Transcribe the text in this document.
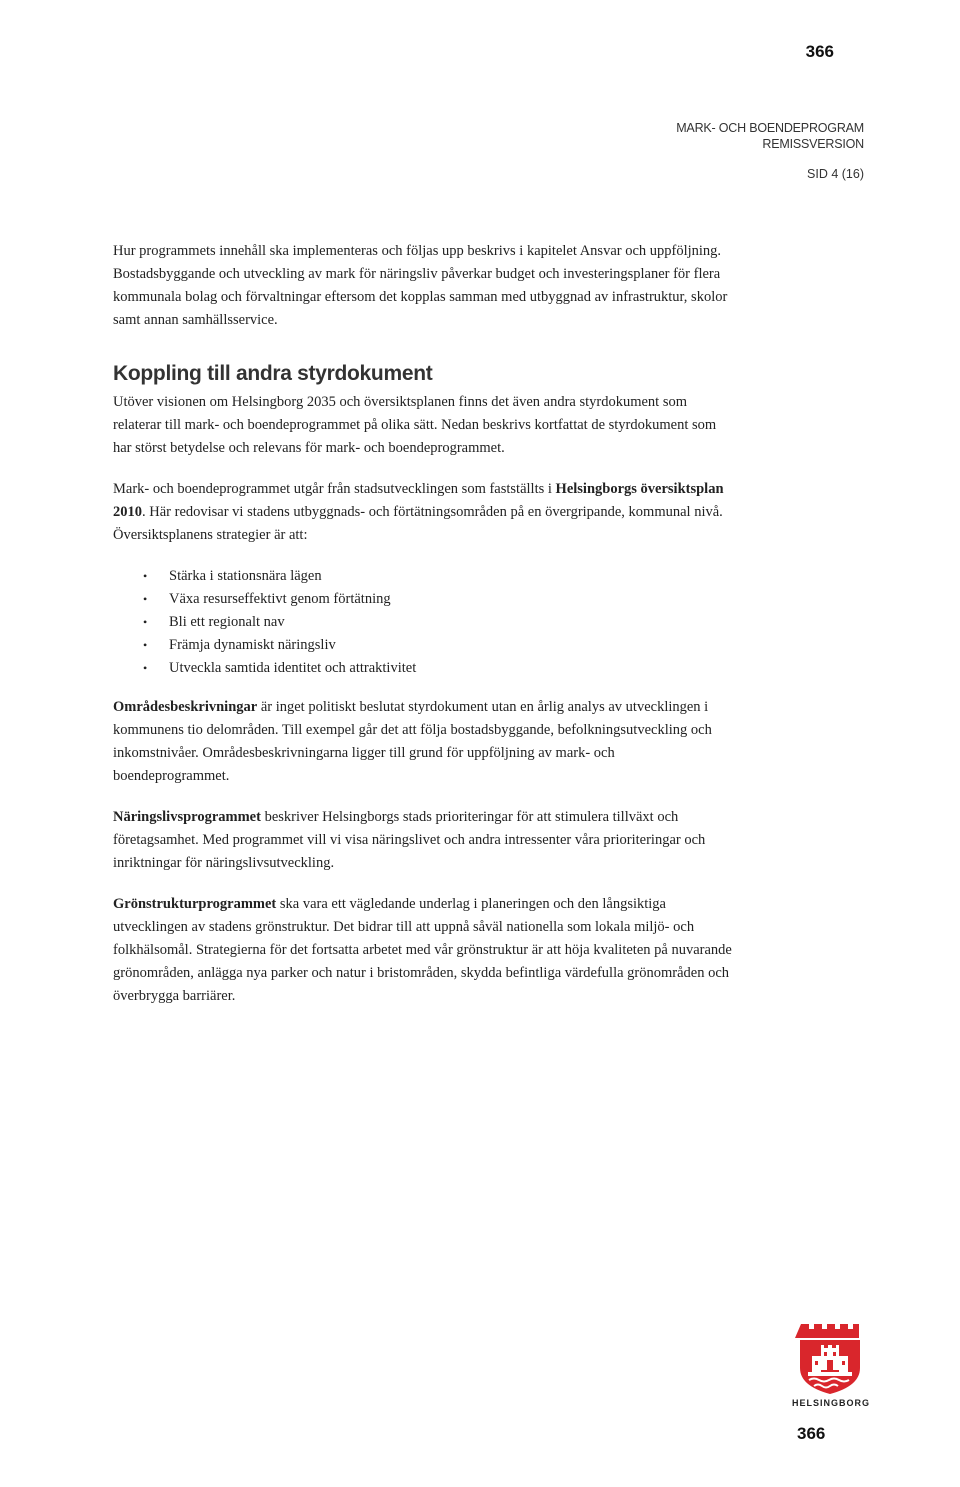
366
MARK- OCH BOENDEPROGRAM
REMISSVERSION
SID 4 (16)

Hur programmets innehåll ska implementeras och följas upp beskrivs i kapitelet Ansvar och uppföljning. Bostadsbyggande och utveckling av mark för näringsliv påverkar budget och investeringsplaner för flera kommunala bolag och förvaltningar eftersom det kopplas samman med utbyggnad av infrastruktur, skolor samt annan samhällsservice.

Koppling till andra styrdokument

Utöver visionen om Helsingborg 2035 och översiktsplanen finns det även andra styrdokument som relaterar till mark- och boendeprogrammet på olika sätt. Nedan beskrivs kortfattat de styrdokument som har störst betydelse och relevans för mark- och boendeprogrammet.

Mark- och boendeprogrammet utgår från stadsutvecklingen som fastställts i Helsingborgs översiktsplan 2010. Här redovisar vi stadens utbyggnads- och förtätningsområden på en övergripande, kommunal nivå. Översiktsplanens strategier är att:

• Stärka i stationsnära lägen
• Växa resurseffektivt genom förtätning
• Bli ett regionalt nav
• Främja dynamiskt näringsliv
• Utveckla samtida identitet och attraktivitet

Områdesbeskrivningar är inget politiskt beslutat styrdokument utan en årlig analys av utvecklingen i kommunens tio delområden. Till exempel går det att följa bostadsbyggande, befolkningsutveckling och inkomstnivåer. Områdesbeskrivningarna ligger till grund för uppföljning av mark- och boendeprogrammet.

Näringslivsprogrammet beskriver Helsingborgs stads prioriteringar för att stimulera tillväxt och företagsamhet. Med programmet vill vi visa näringslivet och andra intressenter våra prioriteringar och inriktningar för näringslivsutveckling.

Grönstrukturprogrammet ska vara ett vägledande underlag i planeringen och den långsiktiga utvecklingen av stadens grönstruktur. Det bidrar till att uppnå såväl nationella som lokala miljö- och folkhälsomål. Strategierna för det fortsatta arbetet med vår grönstruktur är att höja kvaliteten på nuvarande grönområden, anlägga nya parker och natur i bristområden, skydda befintliga värdefulla grönområden och överbrygga barriärer.

HELSINGBORG
366
